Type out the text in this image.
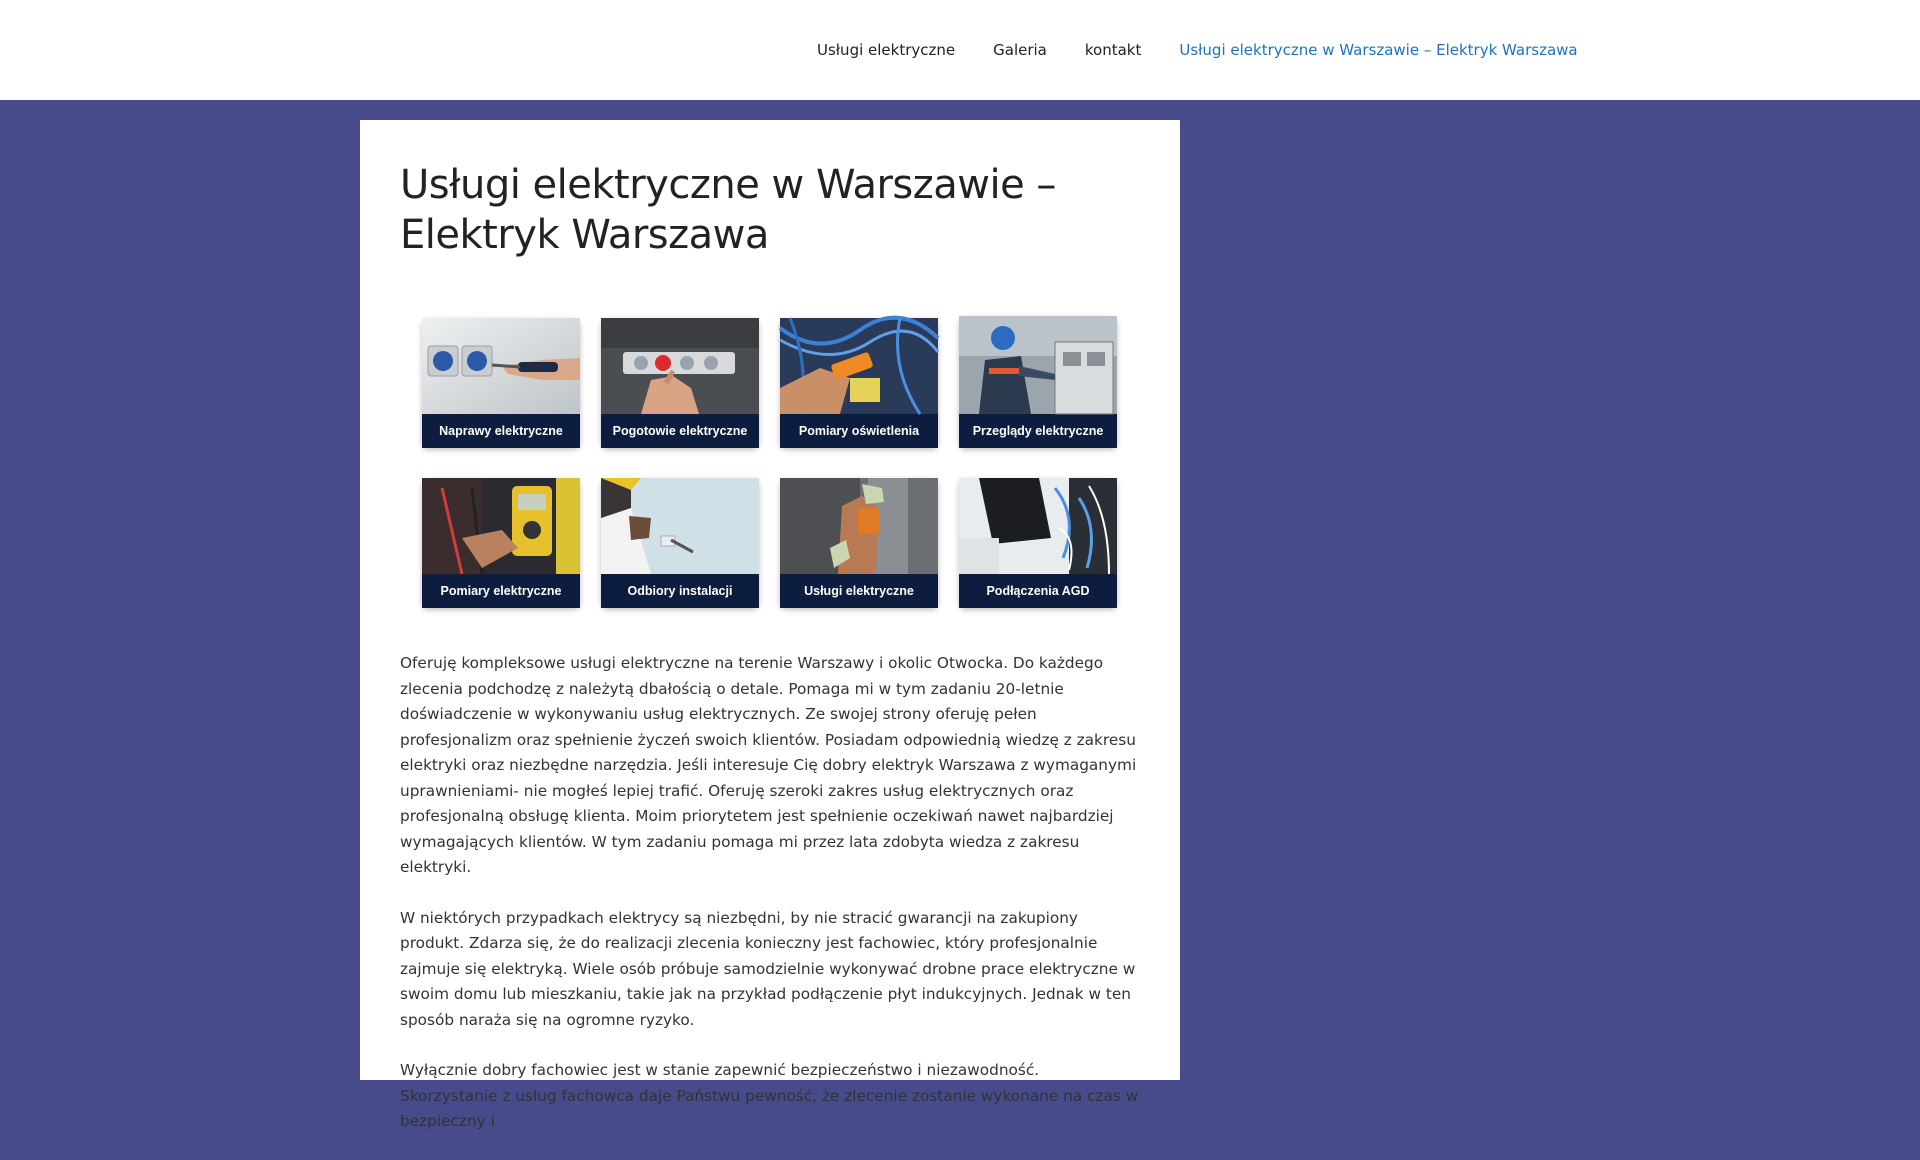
Usługi elektryczne	Galeria	kontakt	Usługi elektryczne w Warszawie – Elektryk Warszawa
Usługi elektryczne w Warszawie – Elektryk Warszawa
Naprawy elektryczne	Pogotowie elektryczne	Pomiary oświetlenia	Przeglądy elektryczne
Pomiary elektryczne	Odbiory instalacji	Usługi elektryczne	Podłączenia AGD

Oferuję kompleksowe usługi elektryczne na terenie Warszawy i okolic Otwocka. Do każdego zlecenia podchodzę z należytą dbałością o detale. Pomaga mi w tym zadaniu 20-letnie doświadczenie w wykonywaniu usług elektrycznych. Ze swojej strony oferuję pełen profesjonalizm oraz spełnienie życzeń swoich klientów. Posiadam odpowiednią wiedzę z zakresu elektryki oraz niezbędne narzędzia. Jeśli interesuje Cię dobry elektryk Warszawa z wymaganymi uprawnieniami- nie mogłeś lepiej trafić. Oferuję szeroki zakres usług elektrycznych oraz profesjonalną obsługę klienta. Moim priorytetem jest spełnienie oczekiwań nawet najbardziej wymagających klientów. W tym zadaniu pomaga mi przez lata zdobyta wiedza z zakresu elektryki.

W niektórych przypadkach elektrycy są niezbędni, by nie stracić gwarancji na zakupiony produkt. Zdarza się, że do realizacji zlecenia konieczny jest fachowiec, który profesjonalnie zajmuje się elektryką. Wiele osób próbuje samodzielnie wykonywać drobne prace elektryczne w swoim domu lub mieszkaniu, takie jak na przykład podłączenie płyt indukcyjnych. Jednak w ten sposób naraża się na ogromne ryzyko.

Wyłącznie dobry fachowiec jest w stanie zapewnić bezpieczeństwo i niezawodność. Skorzystanie z usług fachowca daje Państwu pewność, że zlecenie zostanie wykonane na czas w bezpieczny i
